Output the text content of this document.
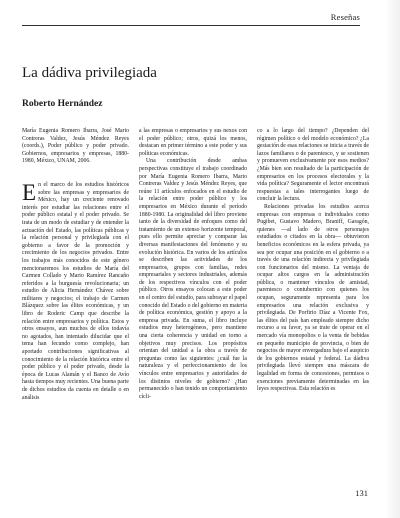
Reseñas
La dádiva privilegiada
Roberto Hernández

María Eugenia Romero Ibarra, José Mario Contreras Valdez, Jesús Méndez Reyes (coords.), Poder público y poder privado. Gobiernos, empresarios y empresas, 1880-1980, México, UNAM, 2006.

En el marco de los estudios históricos sobre las empresas y empresarios de México, hay un creciente renovado interés por estudiar las relaciones entre el poder público estatal y el poder privado. Se trata de un modo de estudiar y de entender la actuación del Estado, las políticas públicas y la relación personal y privilegiada con el gobierno a favor de la promoción y crecimiento de los negocios privados. Entre los trabajos más conocidos de este género mencionaremos los estudios de María del Carmen Collado y Mario Ramírez Rancaño referidos a la burguesía revolucionaria; un estudio de Alicia Hernández Chávez sobre militares y negocios; el trabajo de Carmen Blázquez sobre las élites económicas, y un libro de Roderic Camp que describe la relación entre empresarios y política. Estos y otros ensayos, aun muchos de ellos todavía no agotados, han intentado dilucidar que el tema han fecundo como complejo, han aportado contribuciones significativas al conocimiento de la relación histórica entre el poder público y el poder privado, desde la época de Lucas Alamán y el Banco de Avío hasta tiempos muy recientes. Una buena parte de dichos estudios da cuenta en detalle o en análisis

a las empresas o empresarios y sus nexos con el poder público; otros, quizá los menos, destacan en primer término a este poder y sus políticas económicas.

Una contribución desde ambas perspectivas constituye el trabajo coordinado por María Eugenia Romero Ibarra, Mario Contreras Valdez y Jesús Méndez Reyes, que reúne 11 artículos enfocados en el estudio de la relación entre poder público y los empresarios en México durante el período 1880-1980. La originalidad del libro proviene tanto de la diversidad de enfoques como del tratamiento de un extenso horizonte temporal, pues ello permite apreciar y comparar las diversas manifestaciones del fenómeno y su evolución histórica. En varios de los artículos se describen las actividades de los empresarios, grupos con familias, redes empresariales y sectores industriales, además de los respectivos vínculos con el poder público. Otros ensayos colocan a este poder en el centro del estudio, para subrayar el papel conocido del Estado o del gobierno en materia de política económica, gestión y apoyo a la empresa privada. En suma, el libro incluye estudios muy heterogéneos, pero mantiene una cierta coherencia y unidad en torno a objetivos muy precisos. Los propósitos orientan del unidad a la obra a través de preguntas como las siguientes: ¿cuál fue la naturaleza y el perfeccionamiento de los vínculos entre empresarios y autoridades de los distintos niveles de gobierno? ¿Han permanecido o han tenido un comportamiento cícli-

co a lo largo del tiempo? ¿Dependen del régimen político o del modelo económico? ¿La gestación de esas relaciones se inicia a través de lazos familiares o de parentesco, y se sostienen y promueven exclusivamente por esos medios? ¿Más bien son resultado de la participación de empresarios en los procesos electorales y la vida política? Seguramente el lector encontrará respuestas a tales interrogantes luego de concluir la lectura.

Relaciones privadas los estudios acerca empresas con empresas o individuales como Pugibet, Gustavo Madero, Braniff, Garagón, quienes —al lado de otros personajes estudiados o citados en la obra— obtuvieron beneficios económicos en la esfera privada, ya sea por ocupar una posición en el gobierno o a través de una relación indirecta y privilegiada con funcionarios del mismo. La ventaja de ocupar altos cargos en la administración pública, o mantener vínculos de amistad, parentesco o contubernio con quienes los ocupan, seguramente representa para los empresarios una relación exclusiva y privilegiada. De Porfirio Díaz a Vicente Fox, las élites del país han empleado siempre dicho recurso a su favor, ya se trate de operar en el mercado vía monopolios o la venta de bebidas en pequeño municipio de provincia, o bien de negocios de mayor envergadura bajo el auspicio de los gobiernos estatal y federal. La dádiva privilegiada llevó siempre una máscara de legalidad en forma de concesiones, permisos o exenciones previamente determinadas en las leyes respectivas. Esta relación es

131
